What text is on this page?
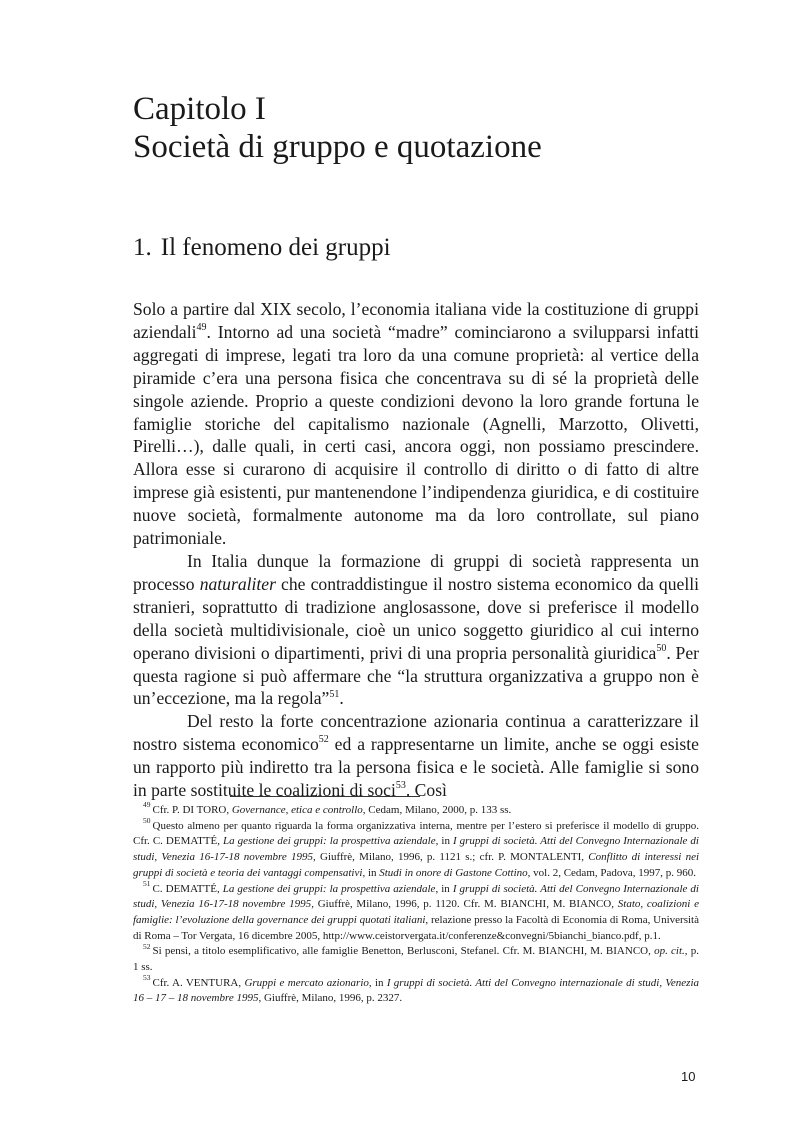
Capitolo I
Società di gruppo e quotazione
1. Il fenomeno dei gruppi

Solo a partire dal XIX secolo, l’economia italiana vide la costituzione di gruppi aziendali$^{49}$. Intorno ad una società “madre” cominciarono a svilupparsi infatti aggregati di imprese, legati tra loro da una comune proprietà: al vertice della piramide c’era una persona fisica che concentrava su di sé la proprietà delle singole aziende. Proprio a queste condizioni devono la loro grande fortuna le famiglie storiche del capitalismo nazionale (Agnelli, Marzotto, Olivetti, Pirelli…), dalle quali, in certi casi, ancora oggi, non possiamo prescindere. Allora esse si curarono di acquisire il controllo di diritto o di fatto di altre imprese già esistenti, pur mantenendone l’indipendenza giuridica, e di costituire nuove società, formalmente autonome ma da loro controllate, sul piano patrimoniale.

In Italia dunque la formazione di gruppi di società rappresenta un processo naturaliter che contraddistingue il nostro sistema economico da quelli stranieri, soprattutto di tradizione anglosassone, dove si preferisce il modello della società multidivisionale, cioè un unico soggetto giuridico al cui interno operano divisioni o dipartimenti, privi di una propria personalità giuridica$^{50}$. Per questa ragione si può affermare che “la struttura organizzativa a gruppo non è un’eccezione, ma la regola”$^{51}$.

Del resto la forte concentrazione azionaria continua a caratterizzare il nostro sistema economico$^{52}$ ed a rappresentarne un limite, anche se oggi esiste un rapporto più indiretto tra la persona fisica e le società. Alle famiglie si sono in parte sostituite le coalizioni di soci$^{53}$. Così

$^{49}$ Cfr. P. DI TORO, Governance, etica e controllo, Cedam, Milano, 2000, p. 133 ss.

$^{50}$ Questo almeno per quanto riguarda la forma organizzativa interna, mentre per l’estero si preferisce il modello di gruppo. Cfr. C. DEMATTÉ, La gestione dei gruppi: la prospettiva aziendale, in I gruppi di società. Atti del Convegno Internazionale di studi, Venezia 16-17-18 novembre 1995, Giuffrè, Milano, 1996, p. 1121 s.; cfr. P. MONTALENTI, Conflitto di interessi nei gruppi di società e teoria dei vantaggi compensativi, in Studi in onore di Gastone Cottino, vol. 2, Cedam, Padova, 1997, p. 960.

$^{51}$ C. DEMATTÉ, La gestione dei gruppi: la prospettiva aziendale, in I gruppi di società. Atti del Convegno Internazionale di studi, Venezia 16-17-18 novembre 1995, Giuffrè, Milano, 1996, p. 1120. Cfr. M. BIANCHI, M. BIANCO, Stato, coalizioni e famiglie: l’evoluzione della governance dei gruppi quotati italiani, relazione presso la Facoltà di Economia di Roma, Università di Roma – Tor Vergata, 16 dicembre 2005, http://www.ceistorvergata.it/conferenze&convegni/5bianchi_bianco.pdf, p.1.

$^{52}$ Si pensi, a titolo esemplificativo, alle famiglie Benetton, Berlusconi, Stefanel. Cfr. M. BIANCHI, M. BIANCO, op. cit., p. 1 ss.

$^{53}$ Cfr. A. VENTURA, Gruppi e mercato azionario, in I gruppi di società. Atti del Convegno internazionale di studi, Venezia 16 – 17 – 18 novembre 1995, Giuffrè, Milano, 1996, p. 2327.

10
